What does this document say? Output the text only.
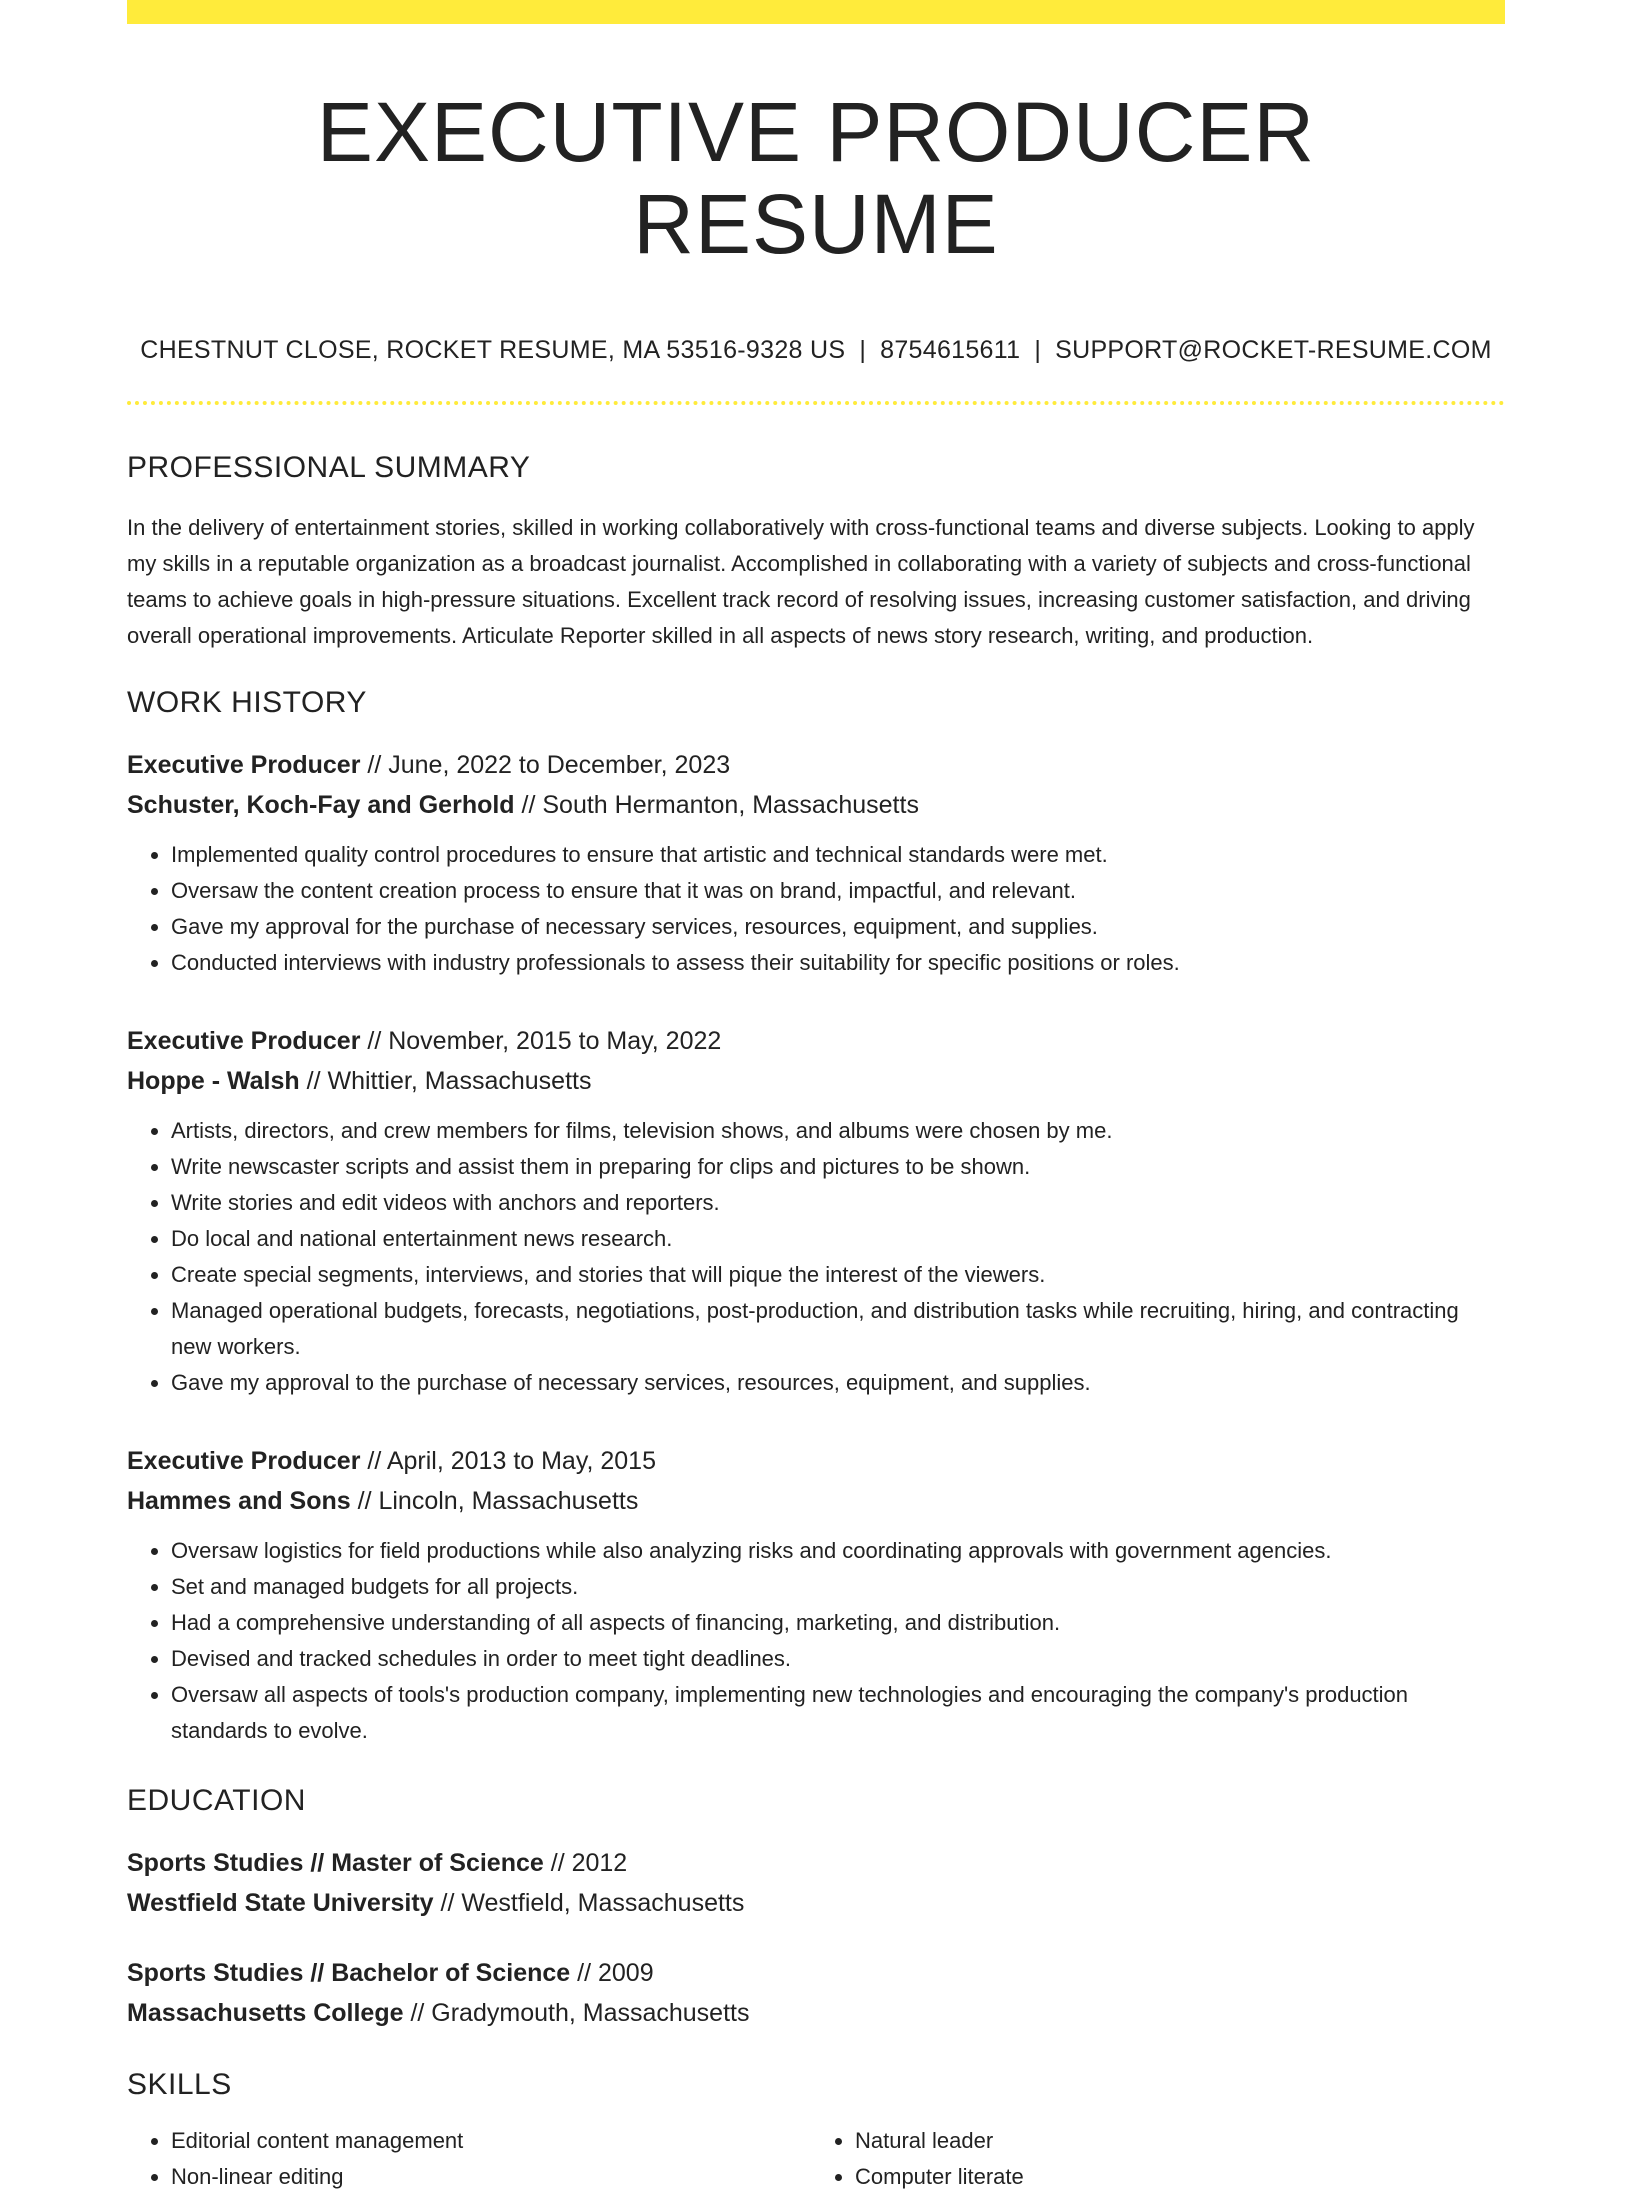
EXECUTIVE PRODUCER RESUME
CHESTNUT CLOSE, ROCKET RESUME, MA 53516-9328 US | 8754615611 | SUPPORT@ROCKET-RESUME.COM
PROFESSIONAL SUMMARY
In the delivery of entertainment stories, skilled in working collaboratively with cross-functional teams and diverse subjects. Looking to apply my skills in a reputable organization as a broadcast journalist. Accomplished in collaborating with a variety of subjects and cross-functional teams to achieve goals in high-pressure situations. Excellent track record of resolving issues, increasing customer satisfaction, and driving overall operational improvements. Articulate Reporter skilled in all aspects of news story research, writing, and production.
WORK HISTORY
Executive Producer // June, 2022 to December, 2023
Schuster, Koch-Fay and Gerhold // South Hermanton, Massachusetts
• Implemented quality control procedures to ensure that artistic and technical standards were met.
• Oversaw the content creation process to ensure that it was on brand, impactful, and relevant.
• Gave my approval for the purchase of necessary services, resources, equipment, and supplies.
• Conducted interviews with industry professionals to assess their suitability for specific positions or roles.
Executive Producer // November, 2015 to May, 2022
Hoppe - Walsh // Whittier, Massachusetts
• Artists, directors, and crew members for films, television shows, and albums were chosen by me.
• Write newscaster scripts and assist them in preparing for clips and pictures to be shown.
• Write stories and edit videos with anchors and reporters.
• Do local and national entertainment news research.
• Create special segments, interviews, and stories that will pique the interest of the viewers.
• Managed operational budgets, forecasts, negotiations, post-production, and distribution tasks while recruiting, hiring, and contracting new workers.
• Gave my approval to the purchase of necessary services, resources, equipment, and supplies.
Executive Producer // April, 2013 to May, 2015
Hammes and Sons // Lincoln, Massachusetts
• Oversaw logistics for field productions while also analyzing risks and coordinating approvals with government agencies.
• Set and managed budgets for all projects.
• Had a comprehensive understanding of all aspects of financing, marketing, and distribution.
• Devised and tracked schedules in order to meet tight deadlines.
• Oversaw all aspects of tools's production company, implementing new technologies and encouraging the company's production standards to evolve.
EDUCATION
Sports Studies // Master of Science // 2012
Westfield State University // Westfield, Massachusetts
Sports Studies // Bachelor of Science // 2009
Massachusetts College // Gradymouth, Massachusetts
SKILLS
• Editorial content management
• Non-linear editing
• Natural leader
• Computer literate
